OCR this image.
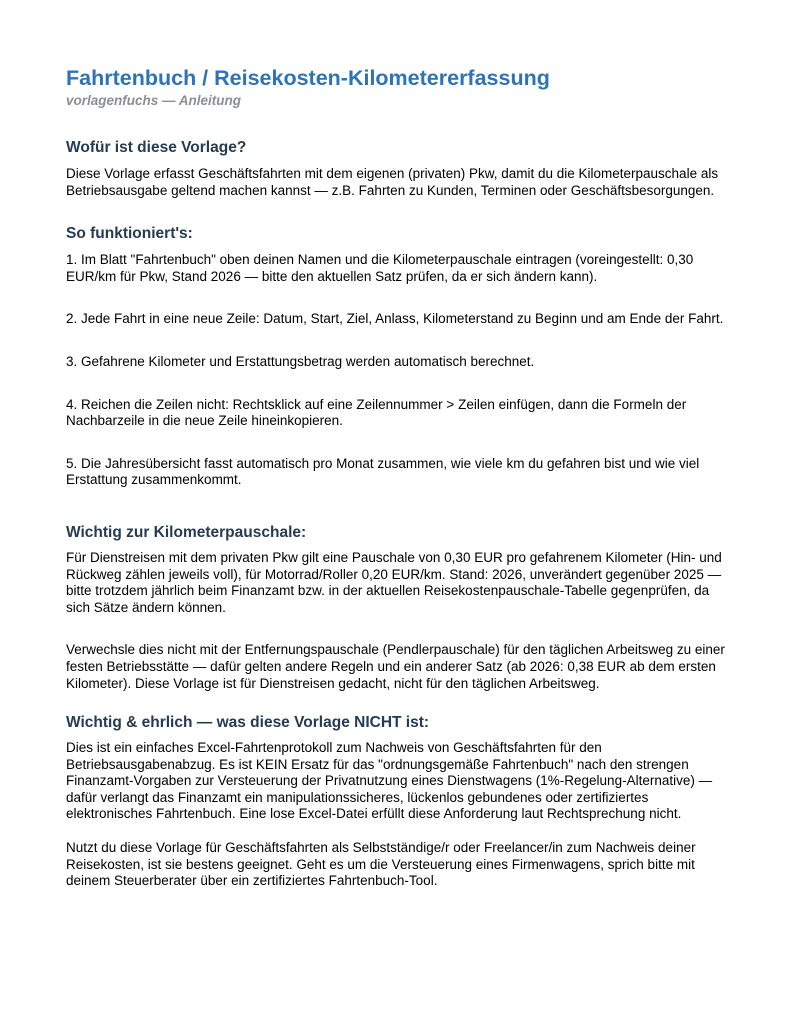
Fahrtenbuch / Reisekosten-Kilometererfassung
vorlagenfuchs — Anleitung
Wofür ist diese Vorlage?

Diese Vorlage erfasst Geschäftsfahrten mit dem eigenen (privaten) Pkw, damit du die Kilometerpauschale als Betriebsausgabe geltend machen kannst — z.B. Fahrten zu Kunden, Terminen oder Geschäftsbesorgungen.

So funktioniert's:

1. Im Blatt "Fahrtenbuch" oben deinen Namen und die Kilometerpauschale eintragen (voreingestellt: 0,30 EUR/km für Pkw, Stand 2026 — bitte den aktuellen Satz prüfen, da er sich ändern kann).

2. Jede Fahrt in eine neue Zeile: Datum, Start, Ziel, Anlass, Kilometerstand zu Beginn und am Ende der Fahrt.

3. Gefahrene Kilometer und Erstattungsbetrag werden automatisch berechnet.

4. Reichen die Zeilen nicht: Rechtsklick auf eine Zeilennummer > Zeilen einfügen, dann die Formeln der Nachbarzeile in die neue Zeile hineinkopieren.

5. Die Jahresübersicht fasst automatisch pro Monat zusammen, wie viele km du gefahren bist und wie viel Erstattung zusammenkommt.

Wichtig zur Kilometerpauschale:

Für Dienstreisen mit dem privaten Pkw gilt eine Pauschale von 0,30 EUR pro gefahrenem Kilometer (Hin- und Rückweg zählen jeweils voll), für Motorrad/Roller 0,20 EUR/km. Stand: 2026, unverändert gegenüber 2025 — bitte trotzdem jährlich beim Finanzamt bzw. in der aktuellen Reisekostenpauschale-Tabelle gegenprüfen, da sich Sätze ändern können.

Verwechsle dies nicht mit der Entfernungspauschale (Pendlerpauschale) für den täglichen Arbeitsweg zu einer festen Betriebsstätte — dafür gelten andere Regeln und ein anderer Satz (ab 2026: 0,38 EUR ab dem ersten Kilometer). Diese Vorlage ist für Dienstreisen gedacht, nicht für den täglichen Arbeitsweg.

Wichtig & ehrlich — was diese Vorlage NICHT ist:

Dies ist ein einfaches Excel-Fahrtenprotokoll zum Nachweis von Geschäftsfahrten für den Betriebsausgabenabzug. Es ist KEIN Ersatz für das "ordnungsgemäße Fahrtenbuch" nach den strengen Finanzamt-Vorgaben zur Versteuerung der Privatnutzung eines Dienstwagens (1%-Regelung-Alternative) — dafür verlangt das Finanzamt ein manipulationssicheres, lückenlos gebundenes oder zertifiziertes elektronisches Fahrtenbuch. Eine lose Excel-Datei erfüllt diese Anforderung laut Rechtsprechung nicht.

Nutzt du diese Vorlage für Geschäftsfahrten als Selbstständige/r oder Freelancer/in zum Nachweis deiner Reisekosten, ist sie bestens geeignet. Geht es um die Versteuerung eines Firmenwagens, sprich bitte mit deinem Steuerberater über ein zertifiziertes Fahrtenbuch-Tool.
